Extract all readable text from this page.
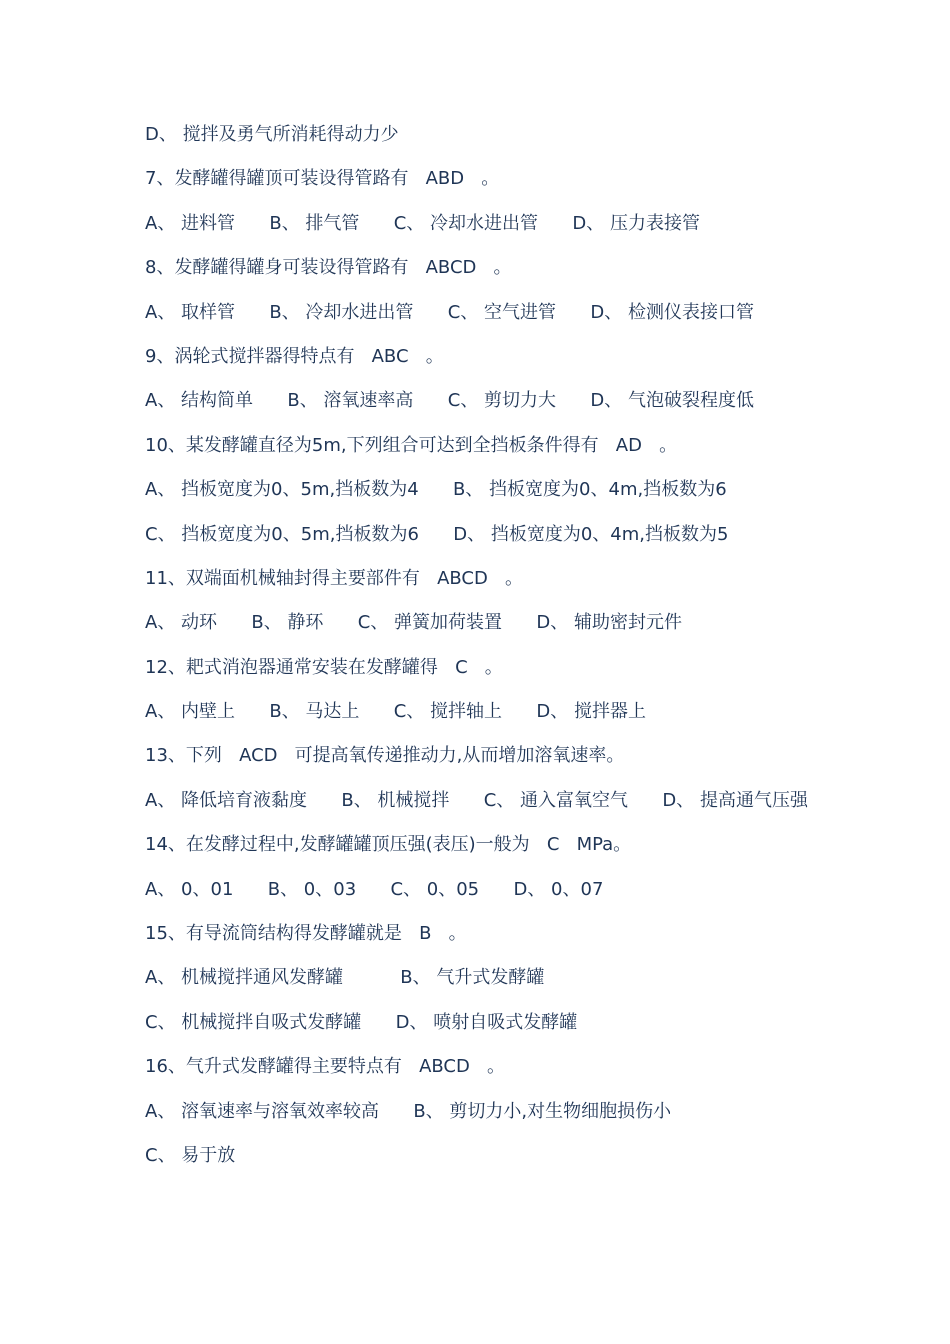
D、 搅拌及勇气所消耗得动力少
7、发酵罐得罐顶可装设得管路有   ABD   。
A、 进料管      B、 排气管      C、 冷却水进出管      D、 压力表接管
8、发酵罐得罐身可装设得管路有   ABCD   。
A、 取样管      B、 冷却水进出管      C、 空气进管      D、 检测仪表接口管
9、涡轮式搅拌器得特点有   ABC   。
A、 结构简单      B、 溶氧速率高      C、 剪切力大      D、 气泡破裂程度低
10、某发酵罐直径为5m,下列组合可达到全挡板条件得有   AD   。
A、 挡板宽度为0、5m,挡板数为4      B、 挡板宽度为0、4m,挡板数为6
C、 挡板宽度为0、5m,挡板数为6      D、 挡板宽度为0、4m,挡板数为5
11、双端面机械轴封得主要部件有   ABCD   。
A、 动环      B、 静环      C、 弹簧加荷装置      D、 辅助密封元件
12、耙式消泡器通常安装在发酵罐得   C   。
A、 内壁上      B、 马达上      C、 搅拌轴上      D、 搅拌器上
13、下列   ACD   可提高氧传递推动力,从而增加溶氧速率。
A、 降低培育液黏度      B、 机械搅拌      C、 通入富氧空气      D、 提高通气压强
14、在发酵过程中,发酵罐罐顶压强(表压)一般为   C   MPa。
A、 0、01      B、 0、03      C、 0、05      D、 0、07
15、有导流筒结构得发酵罐就是   B   。
A、 机械搅拌通风发酵罐          B、 气升式发酵罐
C、 机械搅拌自吸式发酵罐      D、 喷射自吸式发酵罐
16、气升式发酵罐得主要特点有   ABCD   。
A、 溶氧速率与溶氧效率较高      B、 剪切力小,对生物细胞损伤小
C、 易于放
